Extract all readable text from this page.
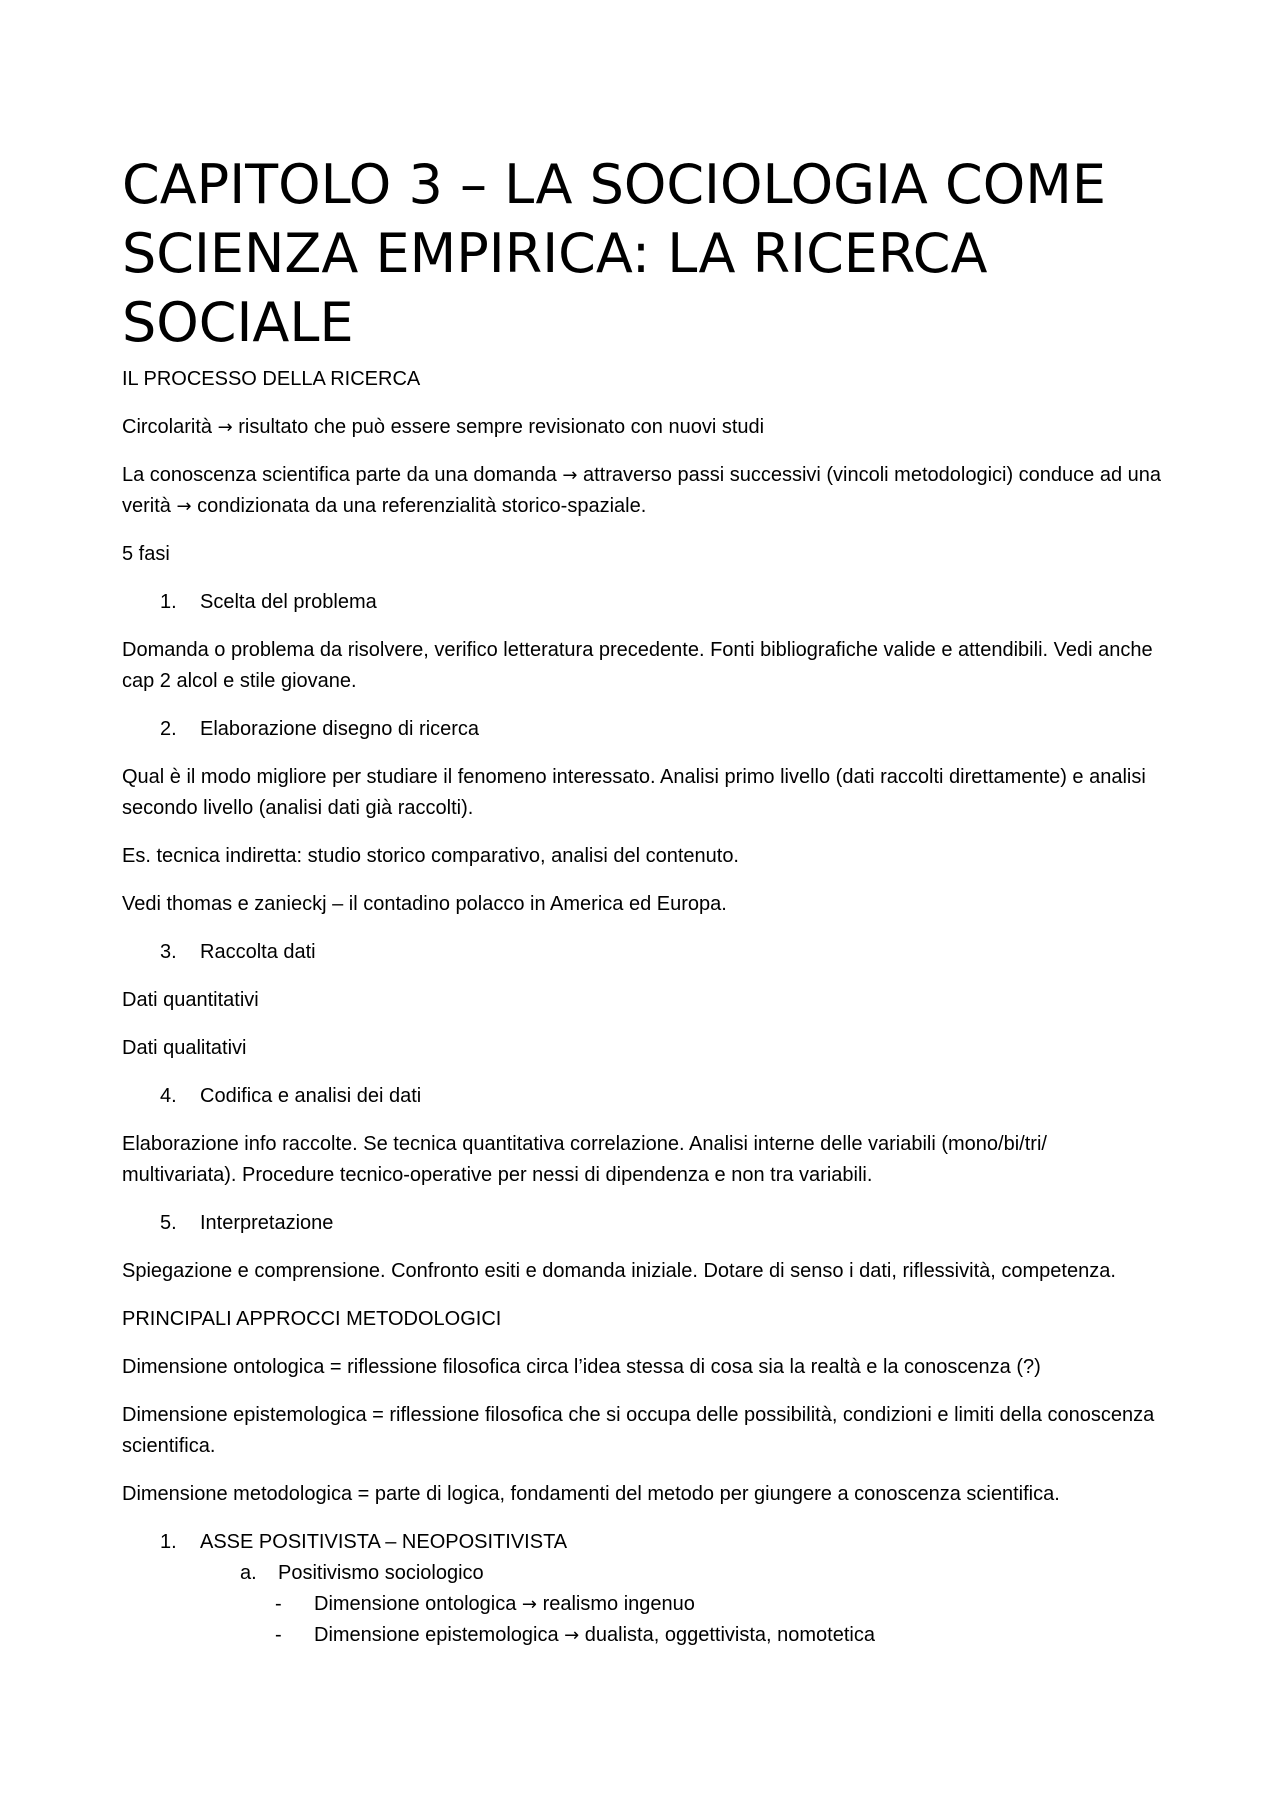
CAPITOLO 3 – LA SOCIOLOGIA COME SCIENZA EMPIRICA: LA RICERCA SOCIALE
IL PROCESSO DELLA RICERCA

Circolarità → risultato che può essere sempre revisionato con nuovi studi

La conoscenza scientifica parte da una domanda → attraverso passi successivi (vincoli metodologici) conduce ad una verità → condizionata da una referenzialità storico-spaziale.

5 fasi

1. Scelta del problema

Domanda o problema da risolvere, verifico letteratura precedente. Fonti bibliografiche valide e attendibili. Vedi anche cap 2 alcol e stile giovane.

2. Elaborazione disegno di ricerca

Qual è il modo migliore per studiare il fenomeno interessato. Analisi primo livello (dati raccolti direttamente) e analisi secondo livello (analisi dati già raccolti).

Es. tecnica indiretta: studio storico comparativo, analisi del contenuto.

Vedi thomas e zanieckj – il contadino polacco in America ed Europa.

3. Raccolta dati

Dati quantitativi

Dati qualitativi

4. Codifica e analisi dei dati

Elaborazione info raccolte. Se tecnica quantitativa correlazione. Analisi interne delle variabili (mono/bi/tri/ multivariata). Procedure tecnico-operative per nessi di dipendenza e non tra variabili.

5. Interpretazione

Spiegazione e comprensione. Confronto esiti e domanda iniziale. Dotare di senso i dati, riflessività, competenza.

PRINCIPALI APPROCCI METODOLOGICI

Dimensione ontologica = riflessione filosofica circa l’idea stessa di cosa sia la realtà e la conoscenza (?)

Dimensione epistemologica = riflessione filosofica che si occupa delle possibilità, condizioni e limiti della conoscenza scientifica.

Dimensione metodologica = parte di logica, fondamenti del metodo per giungere a conoscenza scientifica.

1. ASSE POSITIVISTA – NEOPOSITIVISTA
a. Positivismo sociologico
- Dimensione ontologica → realismo ingenuo
- Dimensione epistemologica → dualista, oggettivista, nomotetica
